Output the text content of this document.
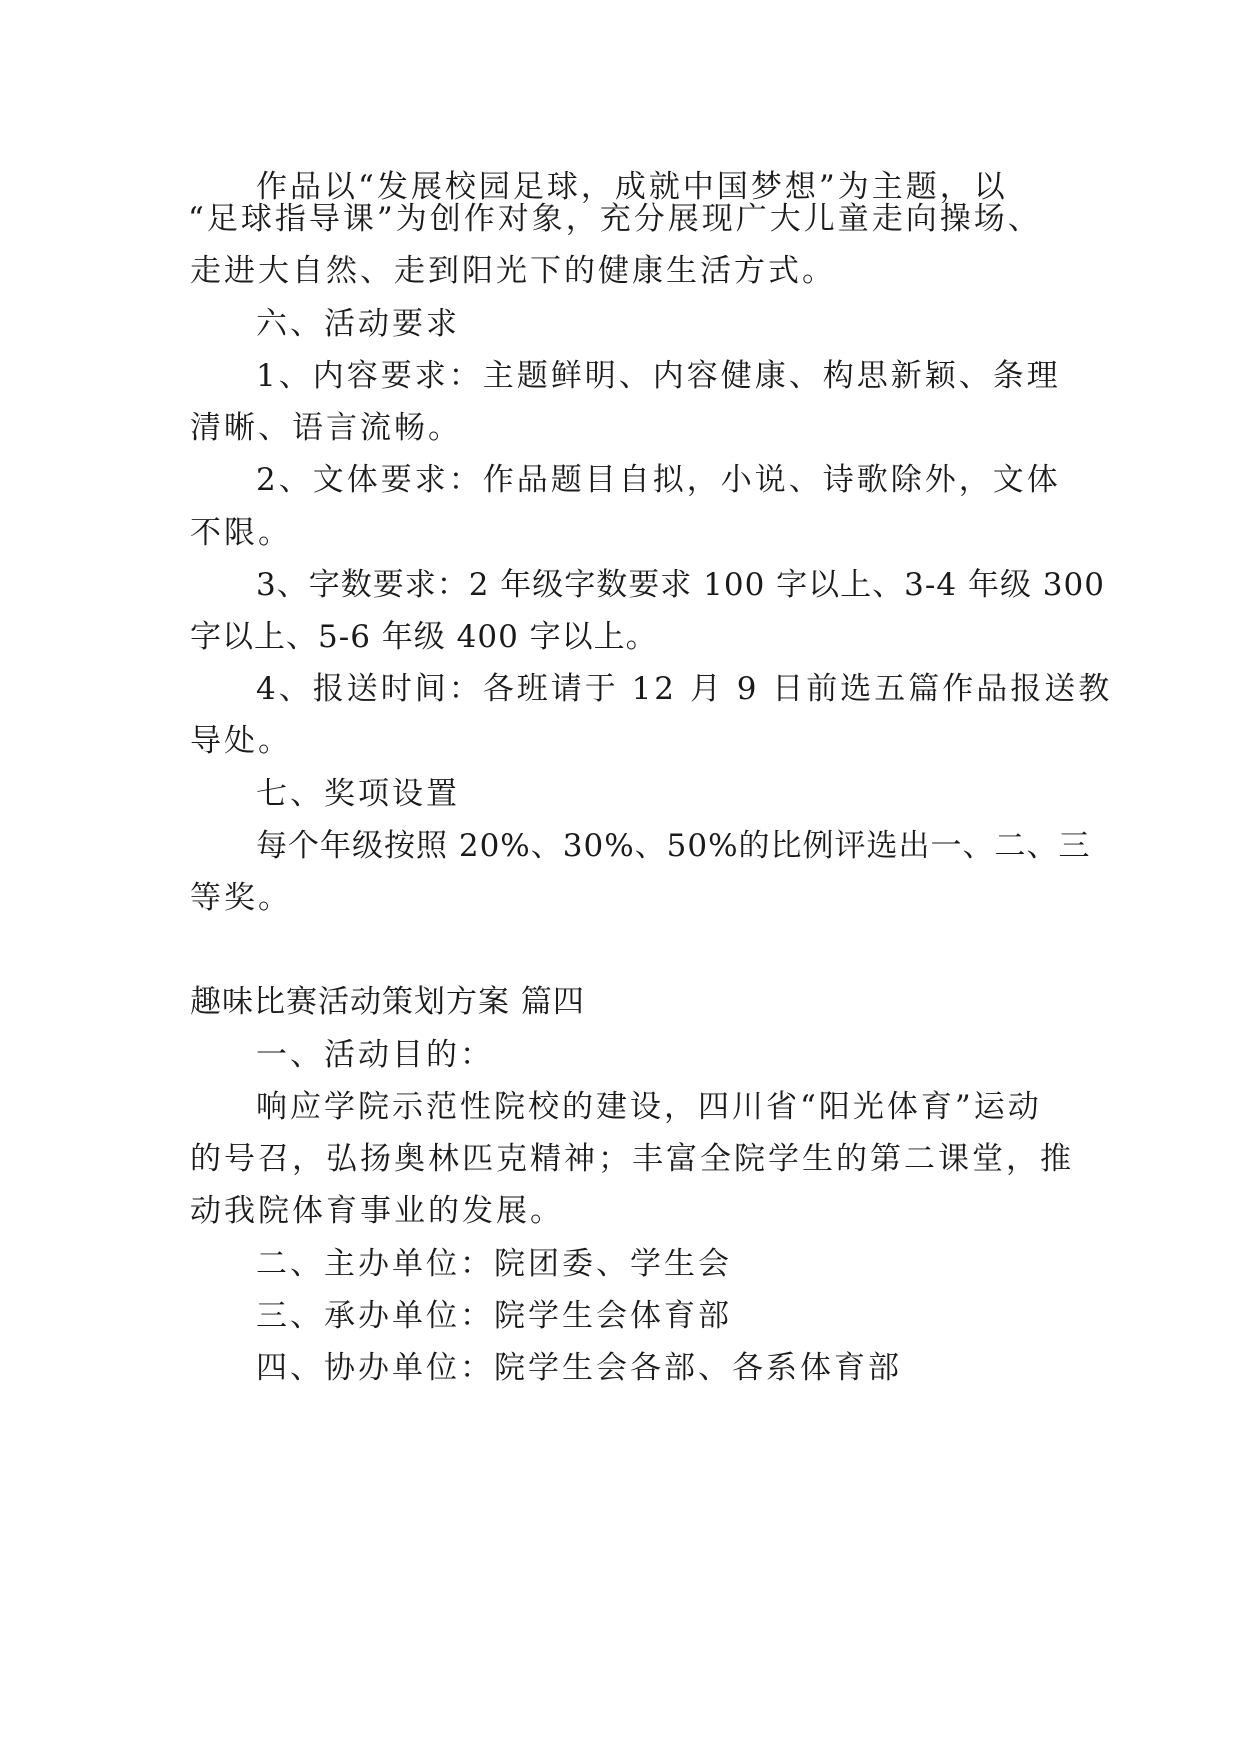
作品以“发展校园足球，成就中国梦想”为主题，以
“足球指导课”为创作对象，充分展现广大儿童走向操场、
走进大自然、走到阳光下的健康生活方式。
六、活动要求
1、内容要求：主题鲜明、内容健康、构思新颖、条理
清晰、语言流畅。
2、文体要求：作品题目自拟，小说、诗歌除外，文体
不限。
3、字数要求：2 年级字数要求 100 字以上、3-4 年级 300
字以上、5-6 年级 400 字以上。
4、报送时间：各班请于 12 月 9 日前选五篇作品报送教
导处。
七、奖项设置
每个年级按照 20%、30%、50%的比例评选出一、二、三
等奖。
趣味比赛活动策划方案 篇四
一、活动目的：
响应学院示范性院校的建设，四川省“阳光体育”运动
的号召，弘扬奥林匹克精神；丰富全院学生的第二课堂，推
动我院体育事业的发展。
二、主办单位：院团委、学生会
三、承办单位：院学生会体育部
四、协办单位：院学生会各部、各系体育部
